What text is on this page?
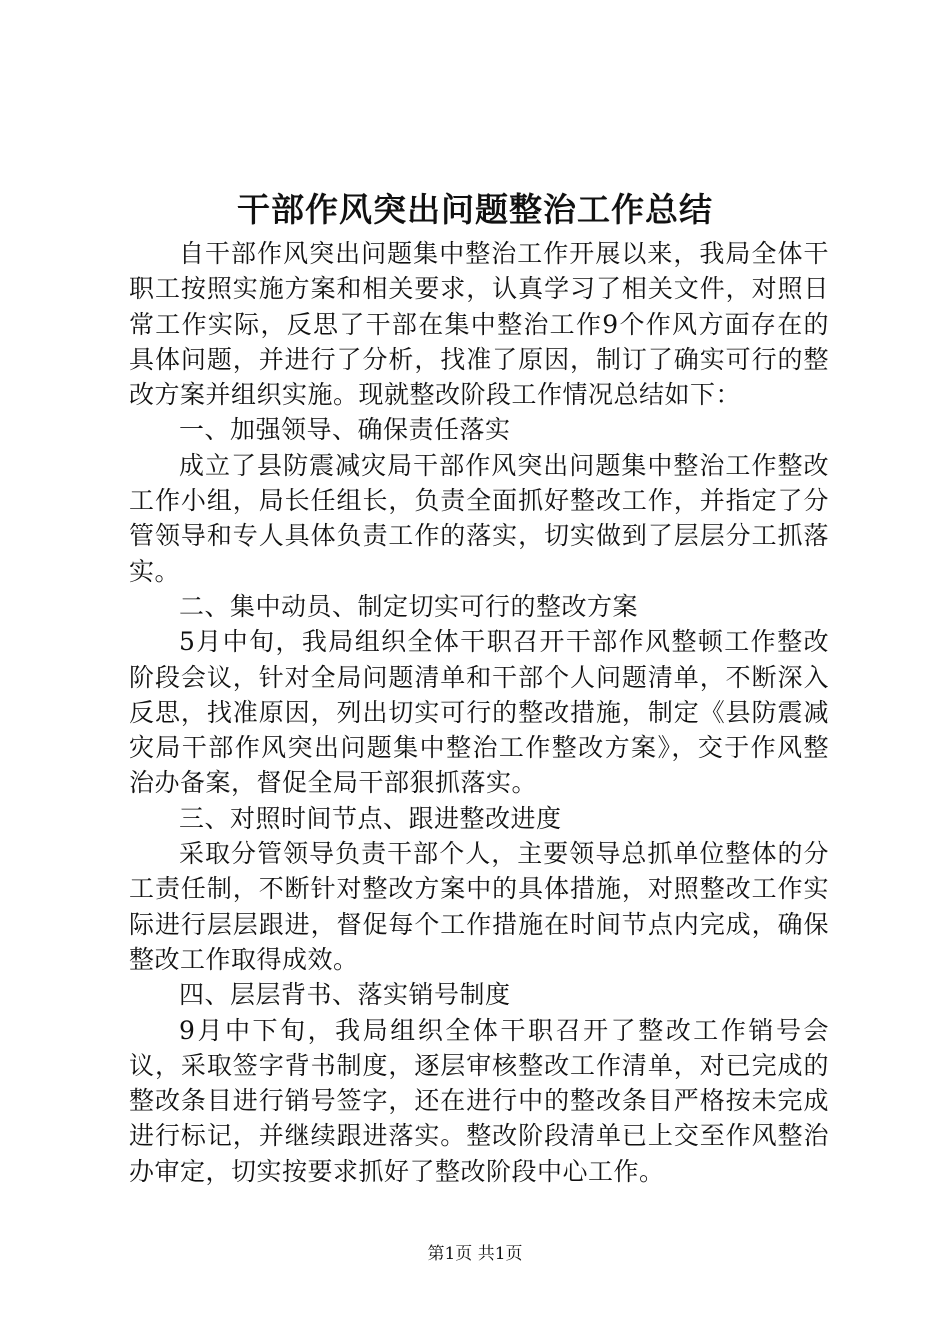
干部作风突出问题整治工作总结

自干部作风突出问题集中整治工作开展以来，我局全体干职工按照实施方案和相关要求，认真学习了相关文件，对照日常工作实际，反思了干部在集中整治工作9个作风方面存在的具体问题，并进行了分析，找准了原因，制订了确实可行的整改方案并组织实施。现就整改阶段工作情况总结如下：

一、加强领导、确保责任落实

成立了县防震减灾局干部作风突出问题集中整治工作整改工作小组，局长任组长，负责全面抓好整改工作，并指定了分管领导和专人具体负责工作的落实，切实做到了层层分工抓落实。

二、集中动员、制定切实可行的整改方案

5月中旬，我局组织全体干职召开干部作风整顿工作整改阶段会议，针对全局问题清单和干部个人问题清单，不断深入反思，找准原因，列出切实可行的整改措施，制定《县防震减灾局干部作风突出问题集中整治工作整改方案》，交于作风整治办备案，督促全局干部狠抓落实。

三、对照时间节点、跟进整改进度

采取分管领导负责干部个人，主要领导总抓单位整体的分工责任制，不断针对整改方案中的具体措施，对照整改工作实际进行层层跟进，督促每个工作措施在时间节点内完成，确保整改工作取得成效。

四、层层背书、落实销号制度

9月中下旬，我局组织全体干职召开了整改工作销号会议，采取签字背书制度，逐层审核整改工作清单，对已完成的整改条目进行销号签字，还在进行中的整改条目严格按未完成进行标记，并继续跟进落实。整改阶段清单已上交至作风整治办审定，切实按要求抓好了整改阶段中心工作。

第1页 共1页
